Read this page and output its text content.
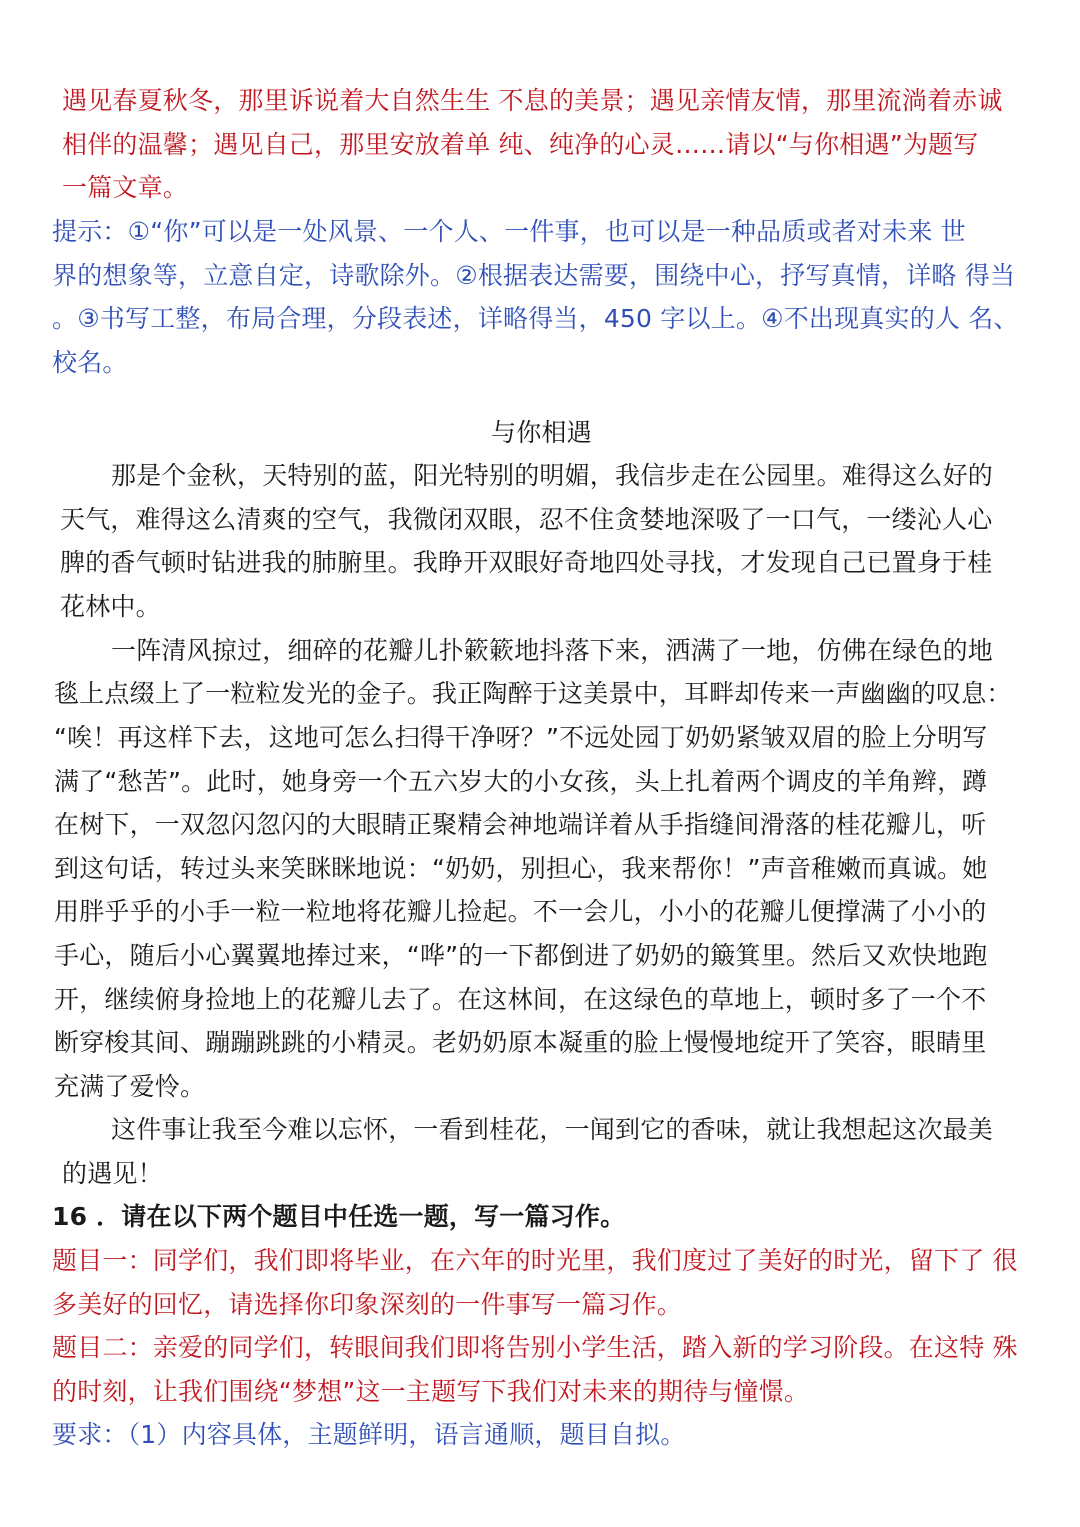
遇见春夏秋冬，那里诉说着大自然生生 不息的美景；遇见亲情友情，那里流淌着赤诚
相伴的温馨；遇见自己，那里安放着单 纯、纯净的心灵……请以“与你相遇”为题写
一篇文章。
提示：①“你”可以是一处风景、一个人、一件事，也可以是一种品质或者对未来 世
界的想象等，立意自定，诗歌除外。②根据表达需要，围绕中心，抒写真情，详略 得当
。③书写工整，布局合理，分段表述，详略得当，450 字以上。④不出现真实的人 名、
校名。
与你相遇
那是个金秋，天特别的蓝，阳光特别的明媚，我信步走在公园里。难得这么好的
天气，难得这么清爽的空气，我微闭双眼，忍不住贪婪地深吸了一口气，一缕沁人心
脾的香气顿时钻进我的肺腑里。我睁开双眼好奇地四处寻找，才发现自己已置身于桂
花林中。
一阵清风掠过，细碎的花瓣儿扑簌簌地抖落下来，洒满了一地，仿佛在绿色的地
毯上点缀上了一粒粒发光的金子。我正陶醉于这美景中，耳畔却传来一声幽幽的叹息：
“唉！再这样下去，这地可怎么扫得干净呀？”不远处园丁奶奶紧皱双眉的脸上分明写
满了“愁苦”。此时，她身旁一个五六岁大的小女孩，头上扎着两个调皮的羊角辫，蹲
在树下，一双忽闪忽闪的大眼睛正聚精会神地端详着从手指缝间滑落的桂花瓣儿，听
到这句话，转过头来笑眯眯地说：“奶奶，别担心，我来帮你！”声音稚嫩而真诚。她
用胖乎乎的小手一粒一粒地将花瓣儿捡起。不一会儿，小小的花瓣儿便撑满了小小的
手心，随后小心翼翼地捧过来，“哗”的一下都倒进了奶奶的簸箕里。然后又欢快地跑
开，继续俯身捡地上的花瓣儿去了。在这林间，在这绿色的草地上，顿时多了一个不
断穿梭其间、蹦蹦跳跳的小精灵。老奶奶原本凝重的脸上慢慢地绽开了笑容，眼睛里
充满了爱怜。
这件事让我至今难以忘怀，一看到桂花，一闻到它的香味，就让我想起这次最美
的遇见！
16 ．请在以下两个题目中任选一题，写一篇习作。
题目一：同学们，我们即将毕业，在六年的时光里，我们度过了美好的时光，留下了 很
多美好的回忆，请选择你印象深刻的一件事写一篇习作。
题目二：亲爱的同学们，转眼间我们即将告别小学生活，踏入新的学习阶段。在这特 殊
的时刻，让我们围绕“梦想”这一主题写下我们对未来的期待与憧憬。
要求：（1）内容具体，主题鲜明，语言通顺，题目自拟。
